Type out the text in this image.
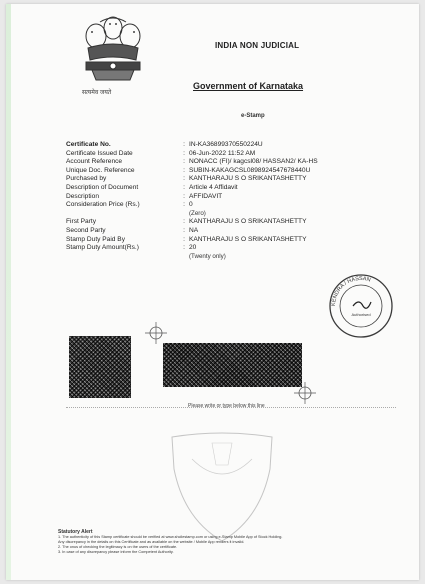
सत्यमेव जयते
INDIA NON JUDICIAL
Government of Karnataka
e-Stamp
Certificate No.	: IN-KA36899370550224U
Certificate Issued Date	: 06-Jun-2022 11:52 AM
Account Reference	: NONACC (FI)/ kagcsl08/ HASSAN2/ KA-HS
Unique Doc. Reference	: SUBIN-KAKAGCSL0898924547678440U
Purchased by	: KANTHARAJU S O SRIKANTASHETTY
Description of Document	: Article 4 Affidavit
Description	: AFFIDAVIT
Consideration Price (Rs.)	: 0
(Zero)
First Party	: KANTHARAJU S O SRIKANTASHETTY
Second Party	: NA
Stamp Duty Paid By	: KANTHARAJU S O SRIKANTASHETTY
Stamp Duty Amount(Rs.)	: 20
(Twenty only)
KENDRA / HASSAN
Authorised
Please write or type below this line
Statutory Alert
1. The authenticity of this Stamp certificate should be verified at www.shcilestamp.com or using e-Stamp Mobile App of Stock Holding.
Any discrepancy in the details on this Certificate and as available on the website / Mobile App renders it invalid.
2. The onus of checking the legitimacy is on the users of the certificate.
3. In case of any discrepancy please inform the Competent Authority.
